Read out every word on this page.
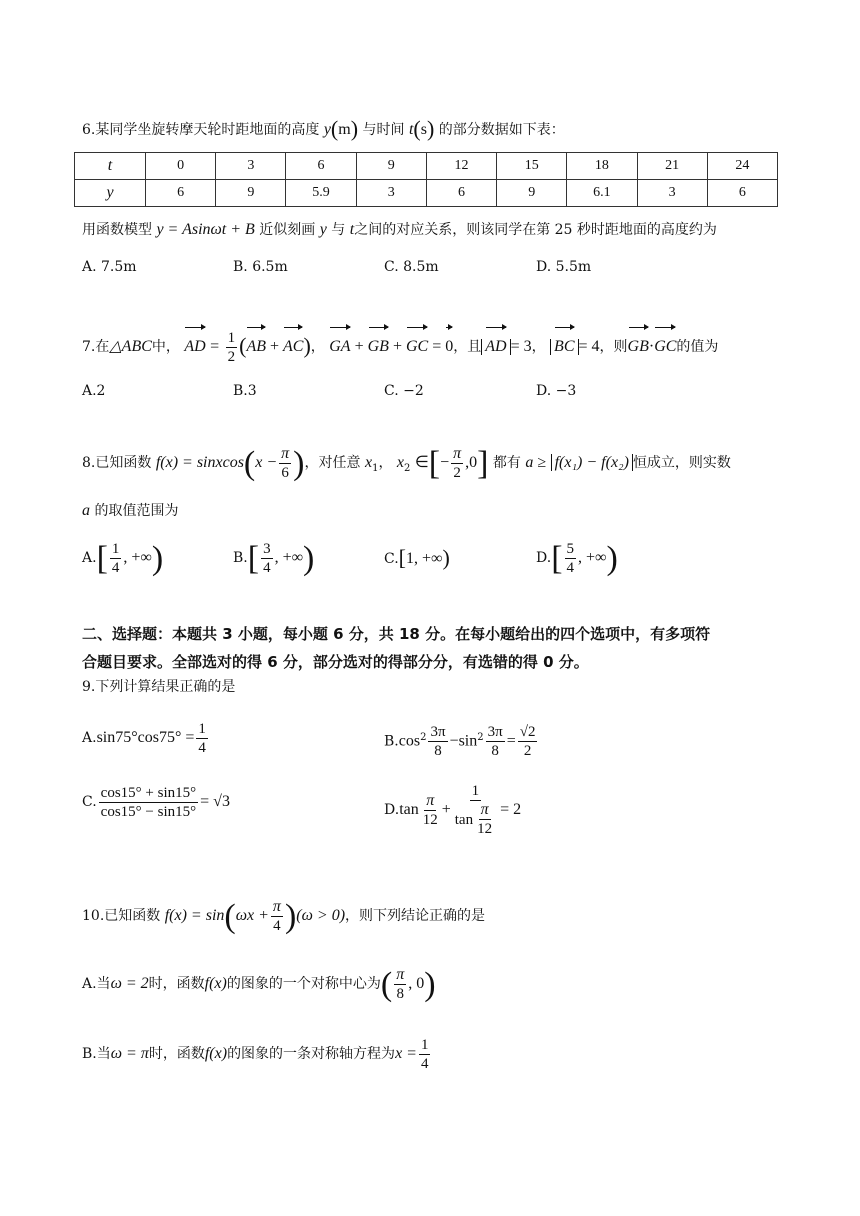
6.某同学坐旋转摩天轮时距地面的高度 y(m) 与时间 t(s) 的部分数据如下表：
t	0	3	6	9	12	15	18	21	24
y	6	9	5.9	3	6	9	6.1	3	6
用函数模型 y = Asinωt + B 近似刻画 y 与 t之间的对应关系，则该同学在第 25 秒时距地面的高度约为
A. 7.5m	B. 6.5m	C. 8.5m	D. 5.5m
7.在△ABC中， AD = $\frac{1}{2} (AB + AC)$， GA + GB + GC = 0，且 AD = 3， BC = 4，则GB·GC的值为
A.2	B.3	C. −2	D. −3
8.已知函数 f(x) = sinxcos(x − $\frac{\pi}{6}$ )，对任意 $x_1$， $x_2$ ∈[− $\frac{\pi}{2} ,0$] 都有 a ≥ f(x₁) − f(x₂) 恒成立，则实数
a 的取值范围为
$A.[ \frac{1}{4}$ , +∞)	$B.[ \frac{3}{4}$ , +∞)	C.[1, +∞)	$D.[ \frac{5}{4}$ , +∞)
二、选择题：本题共 3 小题，每小题 6 分，共 18 分。在每小题给出的四个选项中，有多项符
合题目要求。全部选对的得 6 分，部分选对的得部分分，有选错的得 0 分。
9.下列计算结果正确的是
$A.\sin 75^\circ\cos 75^\circ = \frac{1}{4}$	$B.\cos^2 \frac{3\pi}{8} -\sin^2 \frac{3\pi}{8} = \frac{√2}{2}$
C. $\frac{\cos 15^\circ + \sin 15^\circ}{\cos 15^\circ - \sin 15^\circ} = √3$	$D.\tan \frac{\pi}{12} + \frac{1}{\tan \frac{\pi}{12}} = 2$
10.已知函数 $f(x) = \sin(\omega x + \frac{\pi}{4} )(\omega > 0)$，则下列结论正确的是
A.当ω = 2时，函数f(x)的图象的一个对称中心为( $\frac{\pi}{8}$ , 0)
B.当ω = π时，函数f(x)的图象的一条对称轴方程为$x = \frac{1}{4}$
